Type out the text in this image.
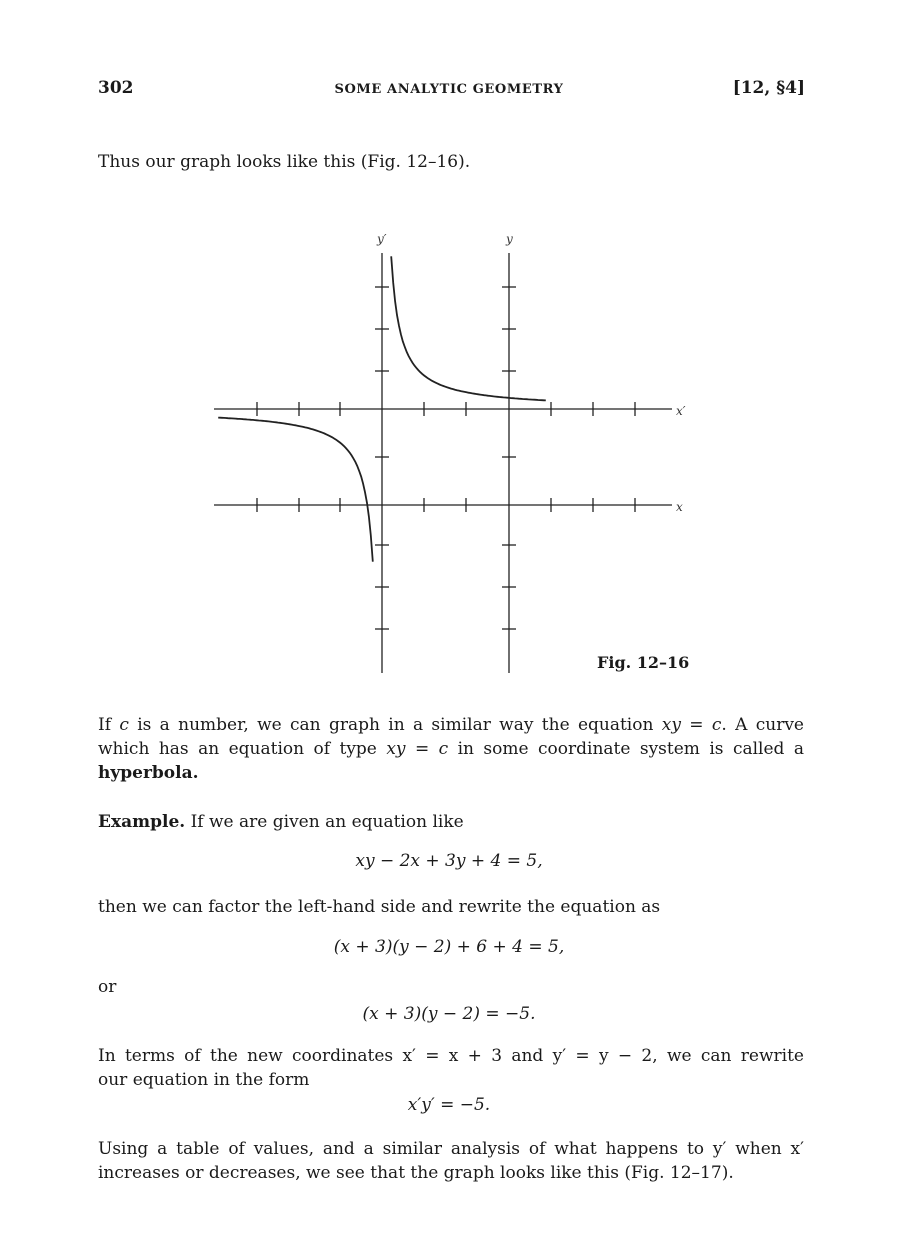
302	SOME ANALYTIC GEOMETRY	[12, §4]

Thus our graph looks like this (Fig. 12–16).

y′	y
x′
x
Fig. 12–16

If c is a number, we can graph in a similar way the equation xy = c. A curve

which has an equation of type xy = c in some coordinate system is called a

hyperbola.

Example. If we are given an equation like

xy − 2x + 3y + 4 = 5,

then we can factor the left-hand side and rewrite the equation as

(x + 3)(y − 2) + 6 + 4 = 5,

or

(x + 3)(y − 2) = −5.

In terms of the new coordinates x′ = x + 3 and y′ = y − 2, we can rewrite

our equation in the form

x′y′ = −5.

Using a table of values, and a similar analysis of what happens to y′ when x′

increases or decreases, we see that the graph looks like this (Fig. 12–17).
